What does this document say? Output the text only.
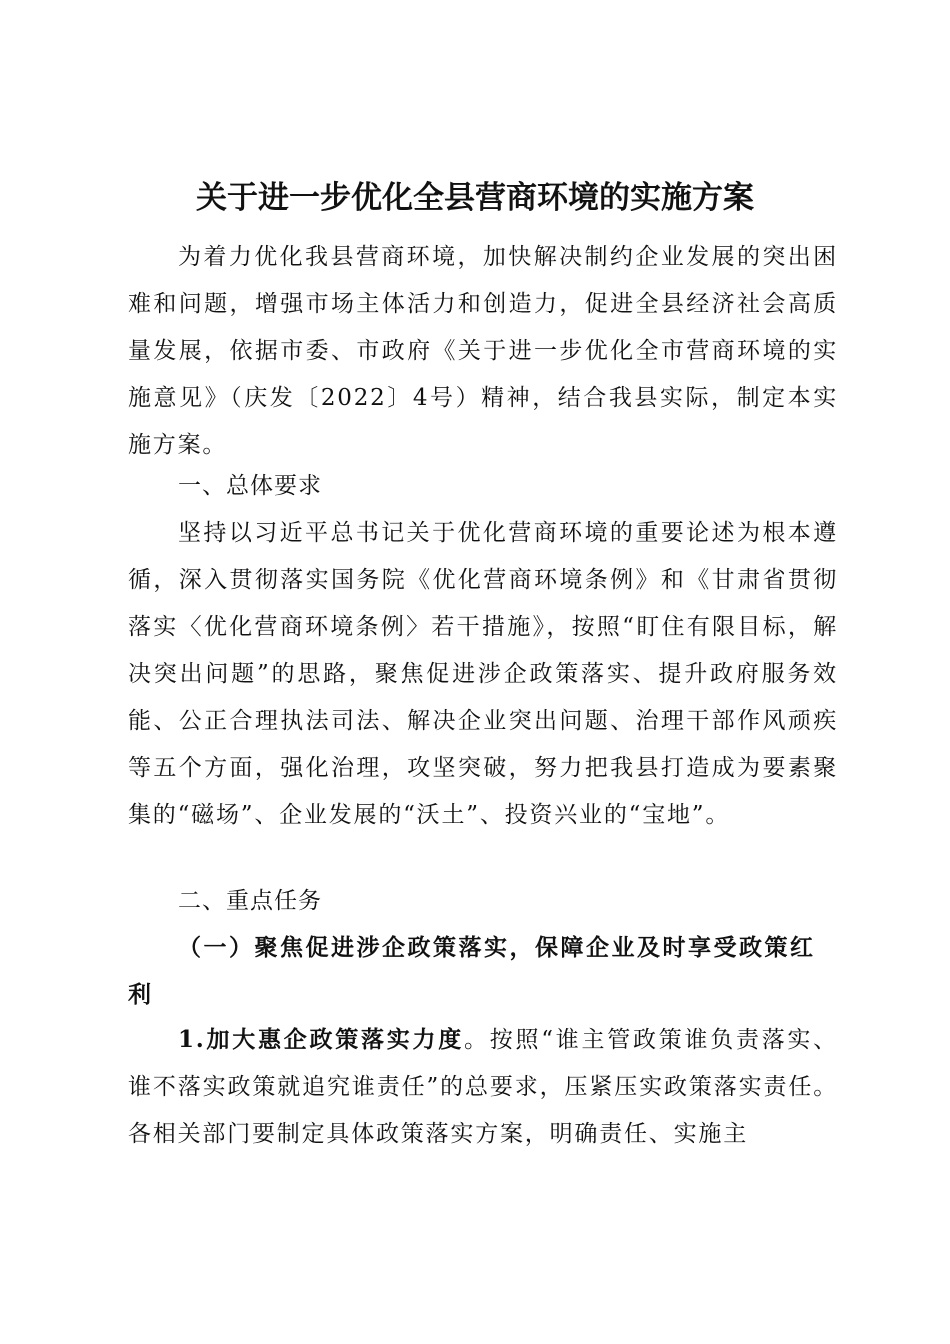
关于进一步优化全县营商环境的实施方案

为着力优化我县营商环境，加快解决制约企业发展的突出困难和问题，增强市场主体活力和创造力，促进全县经济社会高质量发展，依据市委、市政府《关于进一步优化全市营商环境的实施意见》（庆发〔2022〕4号）精神，结合我县实际，制定本实施方案。

一、总体要求

坚持以习近平总书记关于优化营商环境的重要论述为根本遵循，深入贯彻落实国务院《优化营商环境条例》和《甘肃省贯彻落实〈优化营商环境条例〉若干措施》，按照“盯住有限目标，解决突出问题”的思路，聚焦促进涉企政策落实、提升政府服务效能、公正合理执法司法、解决企业突出问题、治理干部作风顽疾等五个方面，强化治理，攻坚突破，努力把我县打造成为要素聚集的“磁场”、企业发展的“沃土”、投资兴业的“宝地”。

二、重点任务

（一）聚焦促进涉企政策落实，保障企业及时享受政策红利

1.加大惠企政策落实力度。按照“谁主管政策谁负责落实、谁不落实政策就追究谁责任”的总要求，压紧压实政策落实责任。各相关部门要制定具体政策落实方案，明确责任、实施主
